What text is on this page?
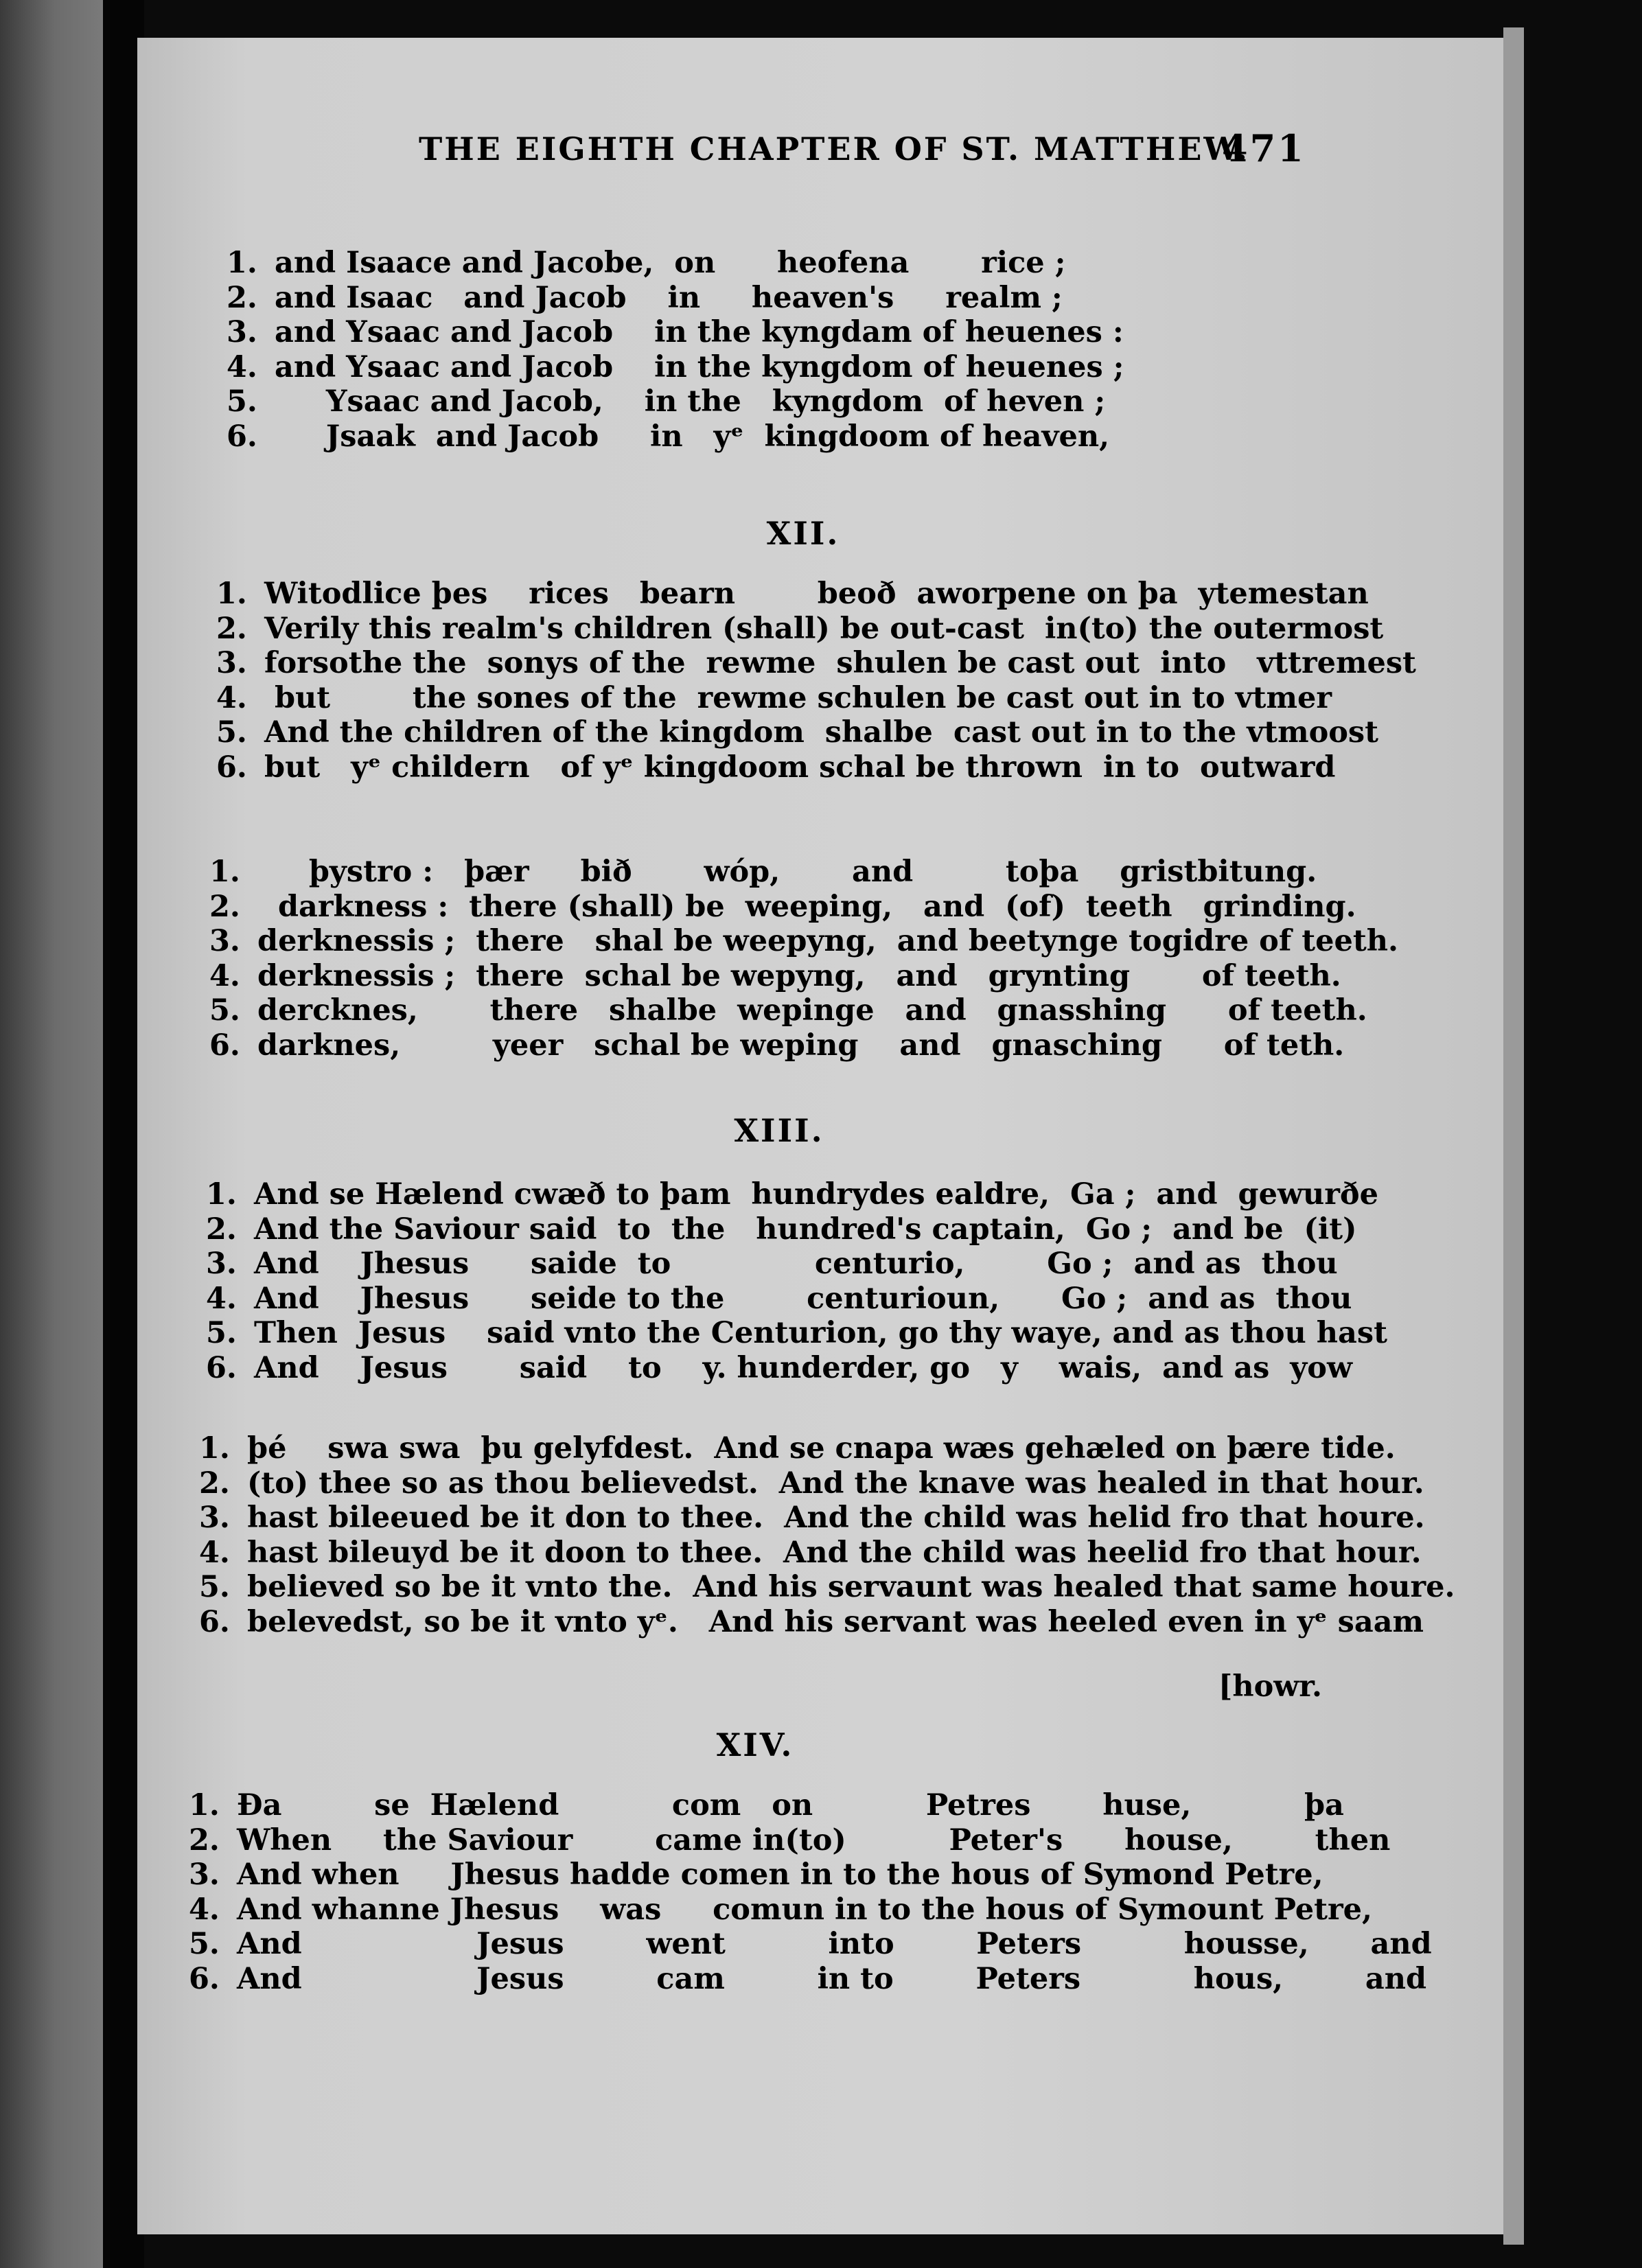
THE EIGHTH CHAPTER OF ST. MATTHEW.
471
1. and Isaace and Jacobe,  on      heofena       rice ;
2. and Isaac   and Jacob    in     heaven's     realm ;
3. and Ysaac and Jacob    in the kyngdam of heuenes :
4. and Ysaac and Jacob    in the kyngdom of heuenes ;
5.     Ysaac and Jacob,    in the   kyngdom  of heven ;
6.     Jsaak  and Jacob     in   yᵉ  kingdoom of heaven,
XII.
1. Witodlice þes    rices   bearn        beoð  aworpene on þa  ytemestan
2. Verily this realm's children (shall) be out-cast  in(to) the outermost
3. forsothe the  sonys of the  rewme  shulen be cast out  into   vttremest
4. but        the sones of the  rewme schulen be cast out in to vtmer
5. And the children of the kingdom  shalbe  cast out in to the vtmoost
6. but   yᵉ childern   of yᵉ kingdoom schal be thrown  in to  outward
1.     þystro :   þær     bið       wóp,       and         toþa    gristbitung.
2.  darkness :  there (shall) be  weeping,   and  (of)  teeth   grinding.
3. derknessis ;  there   shal be weepyng,  and beetynge togidre of teeth.
4. derknessis ;  there  schal be wepyng,   and   grynting       of teeth.
5. dercknes,       there   shalbe  wepinge   and   gnasshing      of teeth.
6. darknes,         yeer   schal be weping    and   gnasching      of teth.
XIII.
1. And se Hælend cwæð to þam  hundrydes ealdre,  Ga ;  and  gewurðe
2. And the Saviour said  to  the   hundred's captain,  Go ;  and be  (it)
3. And    Jhesus      saide  to              centurio,        Go ;  and as  thou
4. And    Jhesus      seide to the        centurioun,      Go ;  and as  thou
5. Then  Jesus    said vnto the Centurion, go thy waye, and as thou hast
6. And    Jesus       said    to    y. hunderder, go   y    wais,  and as  yow
1. þé    swa swa  þu gelyfdest.  And se cnapa wæs gehæled on þære tide.
2. (to) thee so as thou believedst.  And the knave was healed in that hour.
3. hast bileeued be it don to thee.  And the child was helid fro that houre.
4. hast bileuyd be it doon to thee.  And the child was heelid fro that hour.
5. believed so be it vnto the.  And his servaunt was healed that same houre.
6. belevedst, so be it vnto yᵉ.   And his servant was heeled even in yᵉ saam
[howr.
XIV.
1. Ða         se  Hælend           com   on           Petres       huse,           þa
2. When     the Saviour        came in(to)          Peter's      house,        then
3. And when     Jhesus hadde comen in to the hous of Symond Petre,
4. And whanne Jhesus    was     comun in to the hous of Symount Petre,
5. And                 Jesus        went          into        Peters          housse,      and
6. And                 Jesus         cam         in to        Peters           hous,        and
